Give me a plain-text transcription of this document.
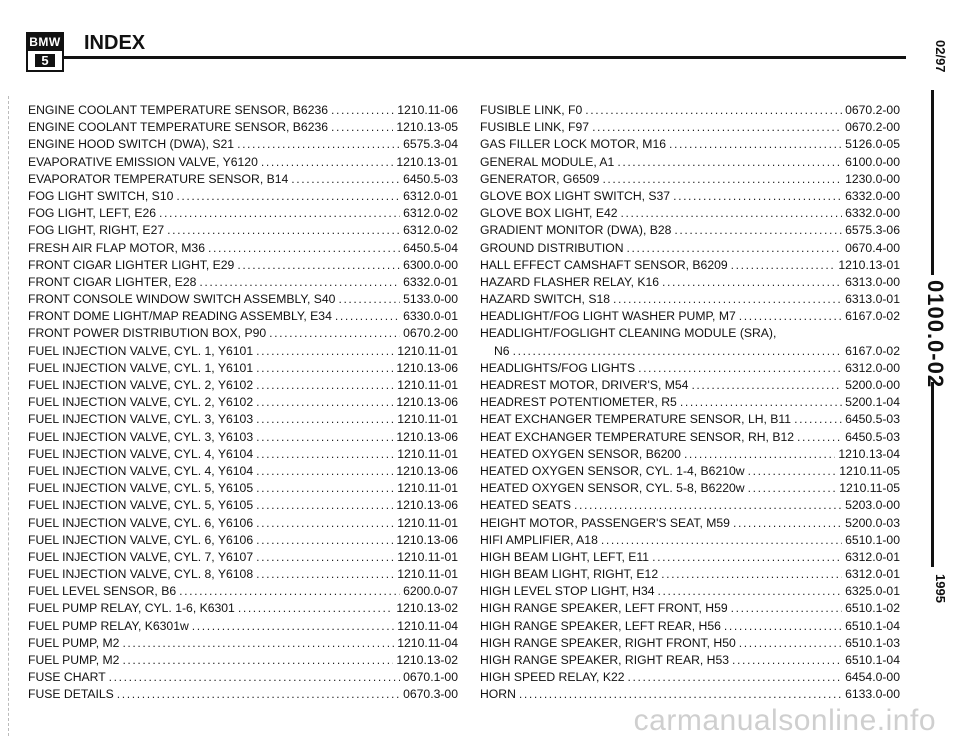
BMW
5
INDEX
ENGINE COOLANT TEMPERATURE SENSOR, B6236 .....	1210.11-06
ENGINE COOLANT TEMPERATURE SENSOR, B6236 .....	1210.13-05
ENGINE HOOD SWITCH (DWA), S21 .....	6575.3-04
EVAPORATIVE EMISSION VALVE, Y6120 .....	1210.13-01
EVAPORATOR TEMPERATURE SENSOR, B14 .....	6450.5-03
FOG LIGHT SWITCH, S10 .....	6312.0-01
FOG LIGHT, LEFT, E26 .....	6312.0-02
FOG LIGHT, RIGHT, E27 .....	6312.0-02
FRESH AIR FLAP MOTOR, M36 .....	6450.5-04
FRONT CIGAR LIGHTER LIGHT, E29 .....	6300.0-00
FRONT CIGAR LIGHTER, E28 .....	6332.0-01
FRONT CONSOLE WINDOW SWITCH ASSEMBLY, S40 .....	5133.0-00
FRONT DOME LIGHT/MAP READING ASSEMBLY, E34 .....	6330.0-01
FRONT POWER DISTRIBUTION BOX, P90 .....	0670.2-00
FUEL INJECTION VALVE, CYL. 1, Y6101 .....	1210.11-01
FUEL INJECTION VALVE, CYL. 1, Y6101 .....	1210.13-06
FUEL INJECTION VALVE, CYL. 2, Y6102 .....	1210.11-01
FUEL INJECTION VALVE, CYL. 2, Y6102 .....	1210.13-06
FUEL INJECTION VALVE, CYL. 3, Y6103 .....	1210.11-01
FUEL INJECTION VALVE, CYL. 3, Y6103 .....	1210.13-06
FUEL INJECTION VALVE, CYL. 4, Y6104 .....	1210.11-01
FUEL INJECTION VALVE, CYL. 4, Y6104 .....	1210.13-06
FUEL INJECTION VALVE, CYL. 5, Y6105 .....	1210.11-01
FUEL INJECTION VALVE, CYL. 5, Y6105 .....	1210.13-06
FUEL INJECTION VALVE, CYL. 6, Y6106 .....	1210.11-01
FUEL INJECTION VALVE, CYL. 6, Y6106 .....	1210.13-06
FUEL INJECTION VALVE, CYL. 7, Y6107 .....	1210.11-01
FUEL INJECTION VALVE, CYL. 8, Y6108 .....	1210.11-01
FUEL LEVEL SENSOR, B6 .....	6200.0-07
FUEL PUMP RELAY, CYL. 1-6, K6301 .....	1210.13-02
FUEL PUMP RELAY, K6301w .....	1210.11-04
FUEL PUMP, M2 .....	1210.11-04
FUEL PUMP, M2 .....	1210.13-02
FUSE CHART .....	0670.1-00
FUSE DETAILS .....	0670.3-00
FUSIBLE LINK, F0 .....	0670.2-00
FUSIBLE LINK, F97 .....	0670.2-00
GAS FILLER LOCK MOTOR, M16 .....	5126.0-05
GENERAL MODULE, A1 .....	6100.0-00
GENERATOR, G6509 .....	1230.0-00
GLOVE BOX LIGHT SWITCH, S37 .....	6332.0-00
GLOVE BOX LIGHT, E42 .....	6332.0-00
GRADIENT MONITOR (DWA), B28 .....	6575.3-06
GROUND DISTRIBUTION .....	0670.4-00
HALL EFFECT CAMSHAFT SENSOR, B6209 .....	1210.13-01
HAZARD FLASHER RELAY, K16 .....	6313.0-00
HAZARD SWITCH, S18 .....	6313.0-01
HEADLIGHT/FOG LIGHT WASHER PUMP, M7 .....	6167.0-02
HEADLIGHT/FOGLIGHT CLEANING MODULE (SRA),
N6 .....	6167.0-02
HEADLIGHTS/FOG LIGHTS .....	6312.0-00
HEADREST MOTOR, DRIVER'S, M54 .....	5200.0-00
HEADREST POTENTIOMETER, R5 .....	5200.1-04
HEAT EXCHANGER TEMPERATURE SENSOR, LH, B11 .....	6450.5-03
HEAT EXCHANGER TEMPERATURE SENSOR, RH, B12 .....	6450.5-03
HEATED OXYGEN SENSOR, B6200 .....	1210.13-04
HEATED OXYGEN SENSOR, CYL. 1-4, B6210w .....	1210.11-05
HEATED OXYGEN SENSOR, CYL. 5-8, B6220w .....	1210.11-05
HEATED SEATS .....	5203.0-00
HEIGHT MOTOR, PASSENGER'S SEAT, M59 .....	5200.0-03
HIFI AMPLIFIER, A18 .....	6510.1-00
HIGH BEAM LIGHT, LEFT, E11 .....	6312.0-01
HIGH BEAM LIGHT, RIGHT, E12 .....	6312.0-01
HIGH LEVEL STOP LIGHT, H34 .....	6325.0-01
HIGH RANGE SPEAKER, LEFT FRONT, H59 .....	6510.1-02
HIGH RANGE SPEAKER, LEFT REAR, H56 .....	6510.1-04
HIGH RANGE SPEAKER, RIGHT FRONT, H50 .....	6510.1-03
HIGH RANGE SPEAKER, RIGHT REAR, H53 .....	6510.1-04
HIGH SPEED RELAY, K22 .....	6454.0-00
HORN .....	6133.0-00
02/97
0100.0-02
1995
carmanualsonline.info
